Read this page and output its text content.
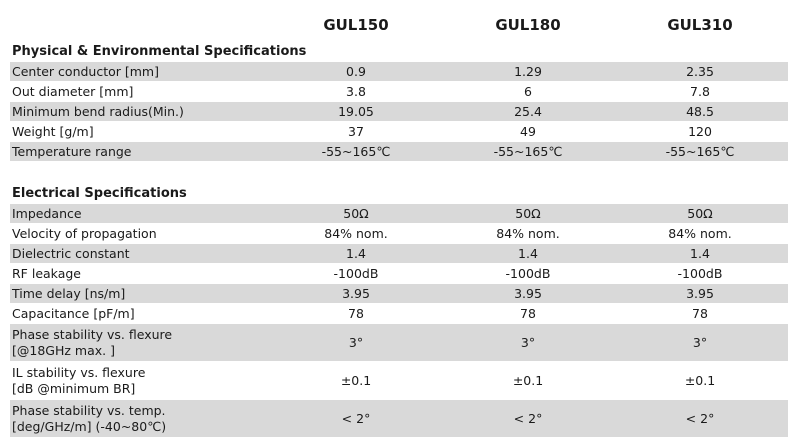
GUL150	GUL180	GUL310
Physical & Environmental Specifications
Center conductor [mm]	0.9	1.29	2.35
Out diameter [mm]	3.8	6	7.8
Minimum bend radius(Min.)	19.05	25.4	48.5
Weight [g/m]	37	49	120
Temperature range	-55~165℃	-55~165℃	-55~165℃
Electrical Specifications
Impedance	50Ω	50Ω	50Ω
Velocity of propagation	84% nom.	84% nom.	84% nom.
Dielectric constant	1.4	1.4	1.4
RF leakage	-100dB	-100dB	-100dB
Time delay [ns/m]	3.95	3.95	3.95
Capacitance [pF/m]	78	78	78
Phase stability vs. flexure
[@18GHz max. ]	3°	3°	3°
IL stability vs. flexure
[dB @minimum BR]	±0.1	±0.1	±0.1
Phase stability vs. temp.
[deg/GHz/m] (-40~80℃)	< 2°	< 2°	< 2°
